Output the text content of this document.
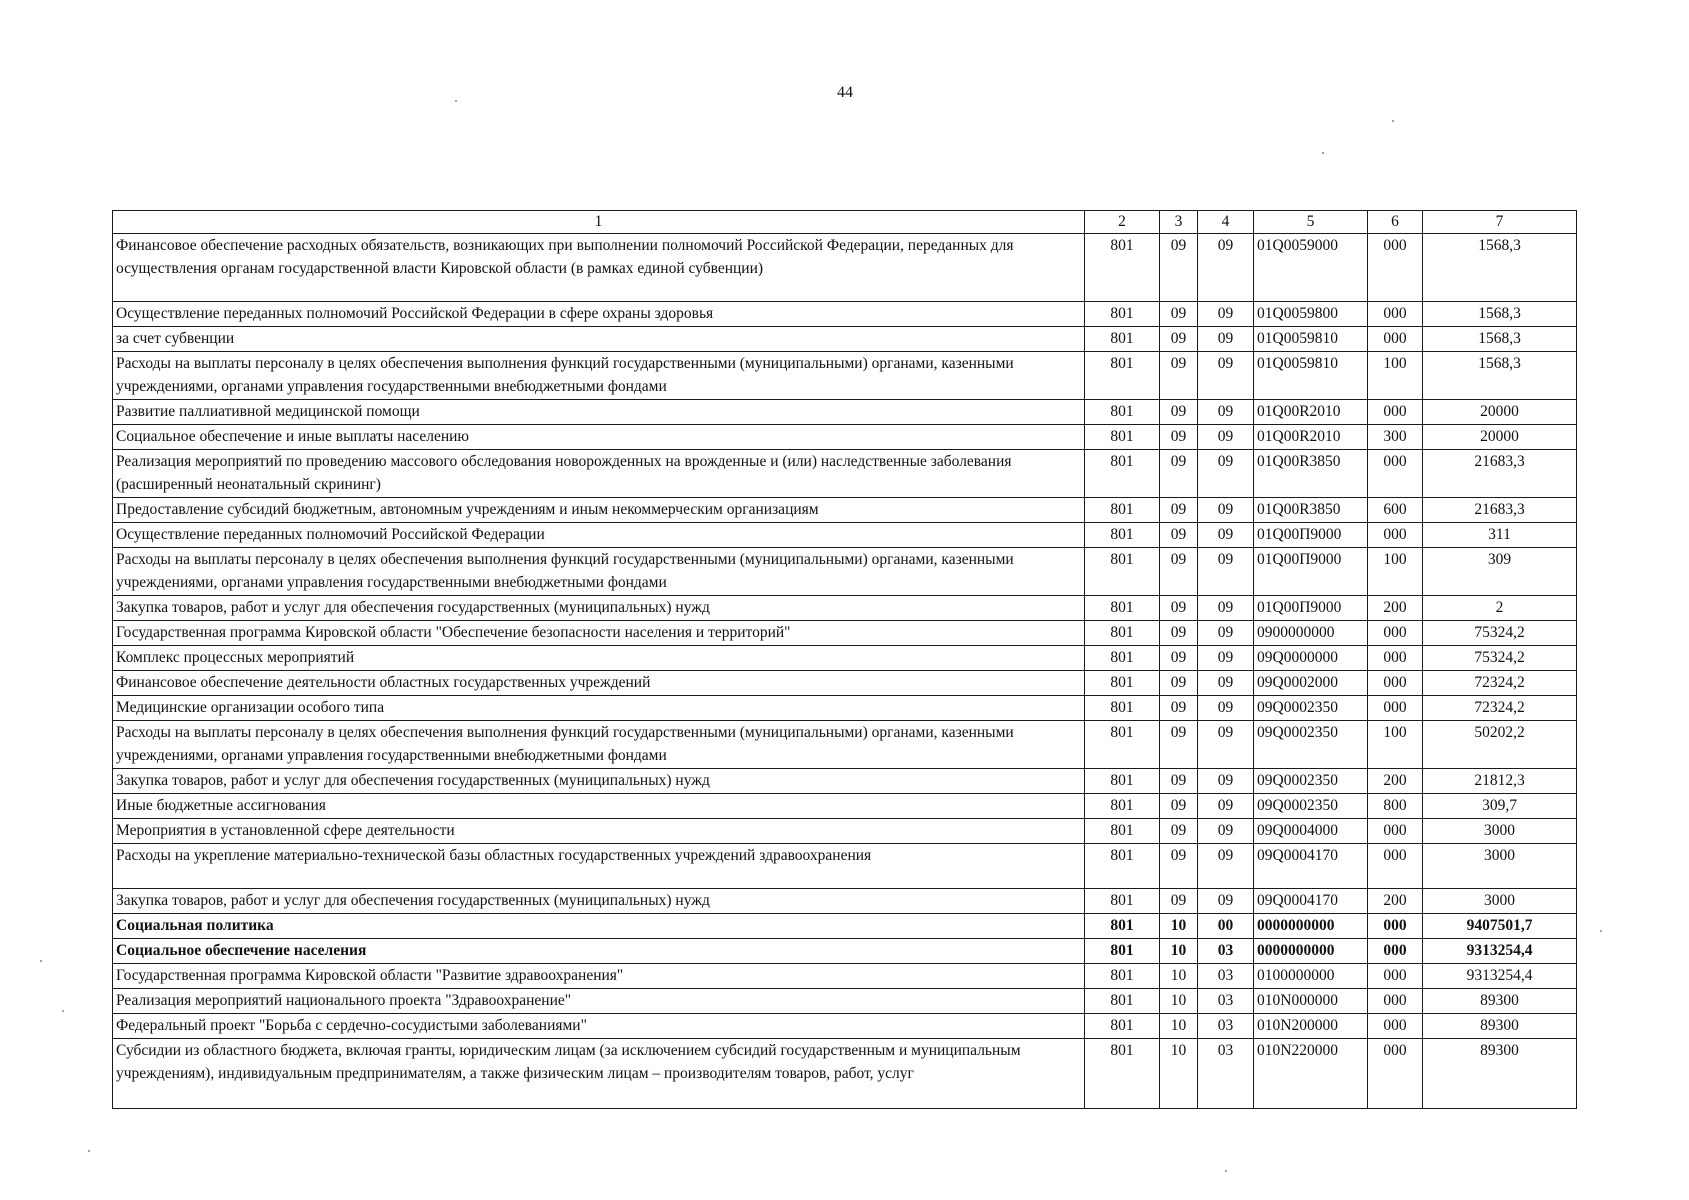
44
1	2	3	4	5	6	7
Финансовое обеспечение расходных обязательств, возникающих при выполнении полномочий Российской Федерации, переданных для осуществления органам государственной власти Кировской области (в рамках единой субвенции)	801	09	09	01Q0059000	000	1568,3
Осуществление переданных полномочий Российской Федерации в сфере охраны здоровья	801	09	09	01Q0059800	000	1568,3
за счет субвенции	801	09	09	01Q0059810	000	1568,3
Расходы на выплаты персоналу в целях обеспечения выполнения функций государственными (муниципальными) органами, казенными учреждениями, органами управления государственными внебюджетными фондами	801	09	09	01Q0059810	100	1568,3
Развитие паллиативной медицинской помощи	801	09	09	01Q00R2010	000	20000
Социальное обеспечение и иные выплаты населению	801	09	09	01Q00R2010	300	20000
Реализация мероприятий по проведению массового обследования новорожденных на врожденные и (или) наследственные заболевания (расширенный неонатальный скрининг)	801	09	09	01Q00R3850	000	21683,3
Предоставление субсидий бюджетным, автономным учреждениям и иным некоммерческим организациям	801	09	09	01Q00R3850	600	21683,3
Осуществление переданных полномочий Российской Федерации	801	09	09	01Q00П9000	000	311
Расходы на выплаты персоналу в целях обеспечения выполнения функций государственными (муниципальными) органами, казенными учреждениями, органами управления государственными внебюджетными фондами	801	09	09	01Q00П9000	100	309
Закупка товаров, работ и услуг для обеспечения государственных (муниципальных) нужд	801	09	09	01Q00П9000	200	2
Государственная программа Кировской области "Обеспечение безопасности населения и территорий"	801	09	09	0900000000	000	75324,2
Комплекс процессных мероприятий	801	09	09	09Q0000000	000	75324,2
Финансовое обеспечение деятельности областных государственных учреждений	801	09	09	09Q0002000	000	72324,2
Медицинские организации особого типа	801	09	09	09Q0002350	000	72324,2
Расходы на выплаты персоналу в целях обеспечения выполнения функций государственными (муниципальными) органами, казенными учреждениями, органами управления государственными внебюджетными фондами	801	09	09	09Q0002350	100	50202,2
Закупка товаров, работ и услуг для обеспечения государственных (муниципальных) нужд	801	09	09	09Q0002350	200	21812,3
Иные бюджетные ассигнования	801	09	09	09Q0002350	800	309,7
Мероприятия в установленной сфере деятельности	801	09	09	09Q0004000	000	3000
Расходы на укрепление материально-технической базы областных государственных учреждений здравоохранения	801	09	09	09Q0004170	000	3000
Закупка товаров, работ и услуг для обеспечения государственных (муниципальных) нужд	801	09	09	09Q0004170	200	3000
Социальная политика	801	10	00	0000000000	000	9407501,7
Социальное обеспечение населения	801	10	03	0000000000	000	9313254,4
Государственная программа Кировской области "Развитие здравоохранения"	801	10	03	0100000000	000	9313254,4
Реализация мероприятий национального проекта "Здравоохранение"	801	10	03	010N000000	000	89300
Федеральный проект "Борьба с сердечно-сосудистыми заболеваниями"	801	10	03	010N200000	000	89300
Субсидии из областного бюджета, включая гранты, юридическим лицам (за исключением субсидий государственным и муниципальным учреждениям), индивидуальным предпринимателям, а также физическим лицам – производителям товаров, работ, услуг	801	10	03	010N220000	000	89300
